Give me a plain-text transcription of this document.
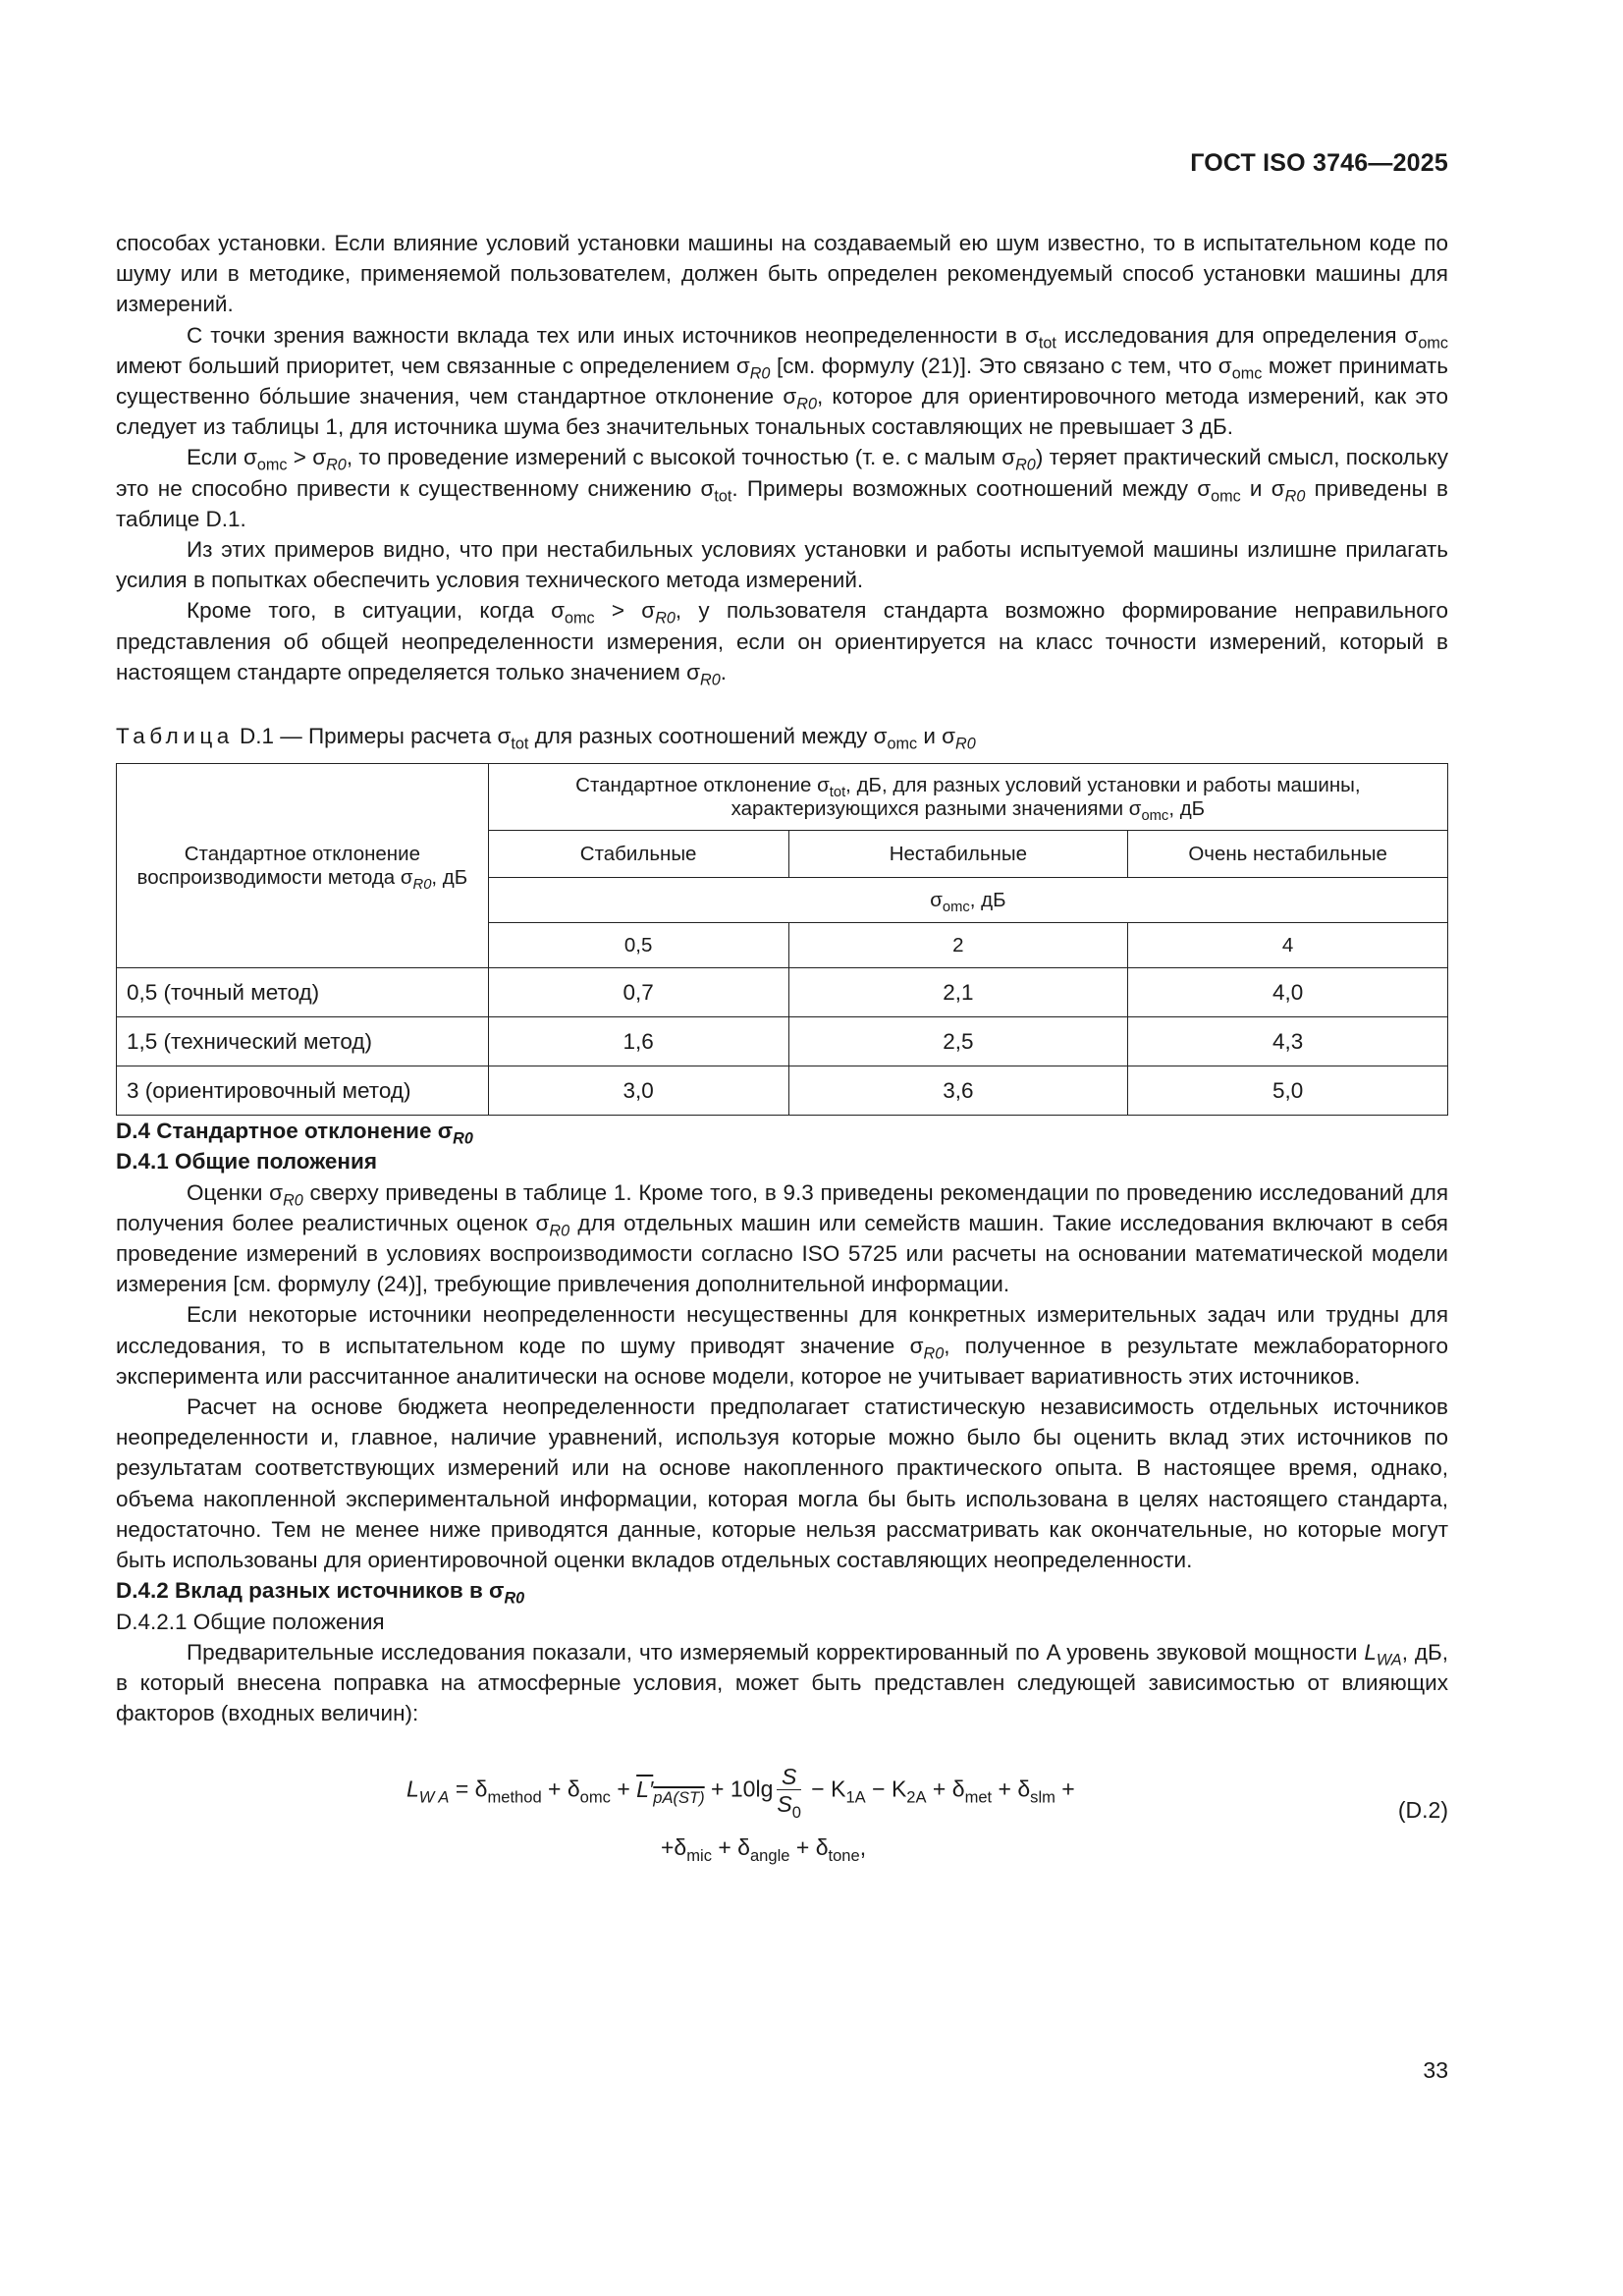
ГОСТ ISO 3746—2025

способах установки. Если влияние условий установки машины на создаваемый ею шум известно, то в испытательном коде по шуму или в методике, применяемой пользователем, должен быть определен рекомендуемый способ установки машины для измерений.

С точки зрения важности вклада тех или иных источников неопределенности в $\sigma_{tot}$ исследования для определения $\sigma_{omc}$ имеют больший приоритет, чем связанные с определением $\sigma_{R0}$ [см. формулу (21)]. Это связано с тем, что $\sigma_{omc}$ может принимать существенно бо́льшие значения, чем стандартное отклонение $\sigma_{R0}$, которое для ориентировочного метода измерений, как это следует из таблицы 1, для источника шума без значительных тональных составляющих не превышает 3 дБ.

Если $\sigma_{omc} > \sigma_{R0}$, то проведение измерений с высокой точностью (т. е. с малым $\sigma_{R0}$) теряет практический смысл, поскольку это не способно привести к существенному снижению $\sigma_{tot}$. Примеры возможных соотношений между $\sigma_{omc}$ и $\sigma_{R0}$ приведены в таблице D.1.

Из этих примеров видно, что при нестабильных условиях установки и работы испытуемой машины излишне прилагать усилия в попытках обеспечить условия технического метода измерений.

Кроме того, в ситуации, когда $\sigma_{omc} > \sigma_{R0}$, у пользователя стандарта возможно формирование неправильного представления об общей неопределенности измерения, если он ориентируется на класс точности измерений, который в настоящем стандарте определяется только значением $\sigma_{R0}$.

Таблица D.1 — Примеры расчета $\sigma_{tot}$ для разных соотношений между $\sigma_{omc}$ и $\sigma_{R0}$
Стандартное отклонение воспроизводимости метода $\sigma_{R0}$, дБ	Стандартное отклонение $\sigma_{tot}$, дБ, для разных условий установки и работы машины, характеризующихся разными значениями $\sigma_{omc}$, дБ		
	Стабильные	Нестабильные	Очень нестабильные
	$\sigma_{omc}$, дБ		
	0,5	2	4
0,5 (точный метод)	0,7	2,1	4,0
1,5 (технический метод)	1,6	2,5	4,3
3 (ориентировочный метод)	3,0	3,6	5,0

D.4 Стандартное отклонение $\sigma_{R0}$

D.4.1 Общие положения

Оценки $\sigma_{R0}$ сверху приведены в таблице 1. Кроме того, в 9.3 приведены рекомендации по проведению исследований для получения более реалистичных оценок $\sigma_{R0}$ для отдельных машин или семейств машин. Такие исследования включают в себя проведение измерений в условиях воспроизводимости согласно ISO 5725 или расчеты на основании математической модели измерения [см. формулу (24)], требующие привлечения дополнительной информации.

Если некоторые источники неопределенности несущественны для конкретных измерительных задач или трудны для исследования, то в испытательном коде по шуму приводят значение $\sigma_{R0}$, полученное в результате межлабораторного эксперимента или рассчитанное аналитически на основе модели, которое не учитывает вариативность этих источников.

Расчет на основе бюджета неопределенности предполагает статистическую независимость отдельных источников неопределенности и, главное, наличие уравнений, используя которые можно было бы оценить вклад этих источников по результатам соответствующих измерений или на основе накопленного практического опыта. В настоящее время, однако, объема накопленной экспериментальной информации, которая могла бы быть использована в целях настоящего стандарта, недостаточно. Тем не менее ниже приводятся данные, которые нельзя рассматривать как окончательные, но которые могут быть использованы для ориентировочной оценки вкладов отдельных составляющих неопределенности.

D.4.2 Вклад разных источников в $\sigma_{R0}$

D.4.2.1 Общие положения

Предварительные исследования показали, что измеряемый корректированный по A уровень звуковой мощности $L_{WA}$, дБ, в который внесена поправка на атмосферные условия, может быть представлен следующей зависимостью от влияющих факторов (входных величин):

$L_{W A} = \delta_{method} + \delta_{omc} + L'_{pA(ST)} + 10\lg \frac{S}{S_0} - K_{1A} - K_{2A} + \delta_{met} + \delta_{slm}$ +
$+\delta_{mic} + \delta_{angle} + \delta_{tone}$,
(D.2)
33
